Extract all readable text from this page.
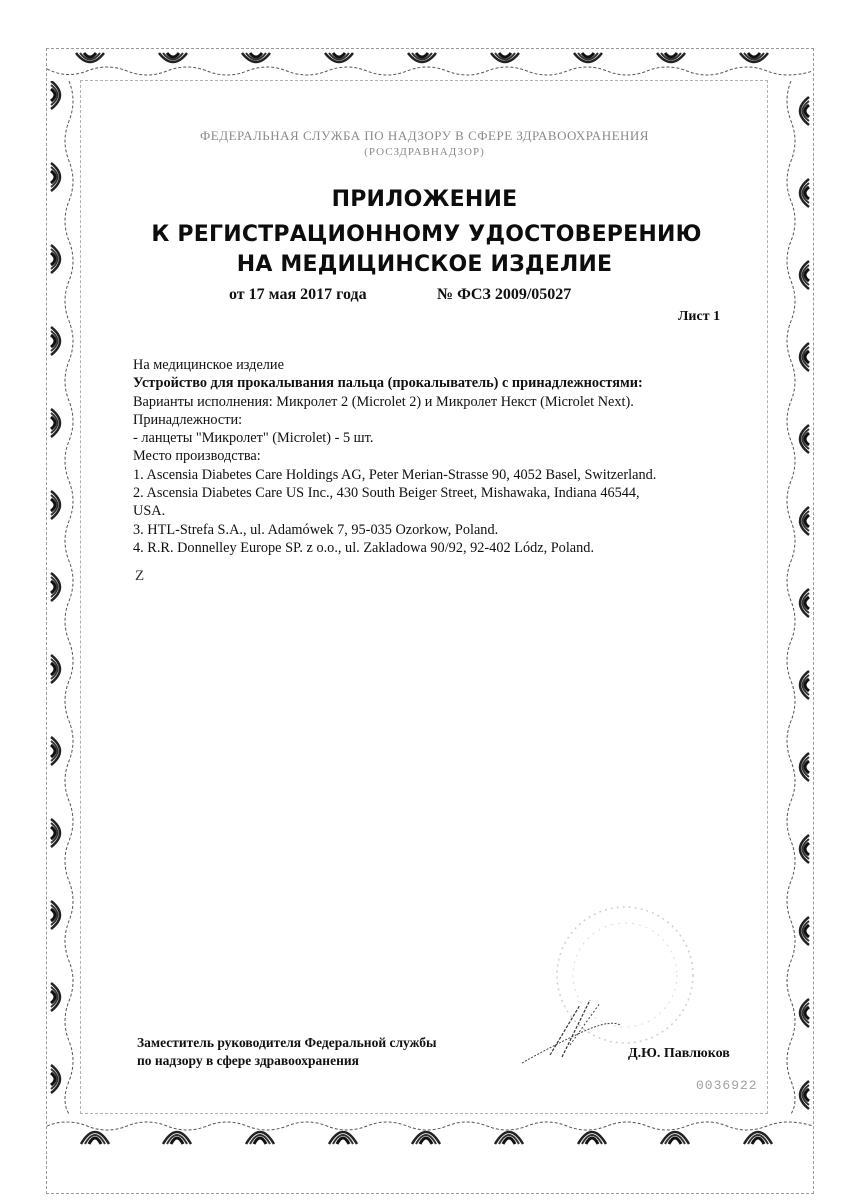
ФЕДЕРАЛЬНАЯ СЛУЖБА ПО НАДЗОРУ В СФЕРЕ ЗДРАВООХРАНЕНИЯ
(РОСЗДРАВНАДЗОР)
ПРИЛОЖЕНИЕ
К РЕГИСТРАЦИОННОМУ УДОСТОВЕРЕНИЮ
НА МЕДИЦИНСКОЕ ИЗДЕЛИЕ
от 17 мая 2017 года	№ ФСЗ 2009/05027
Лист 1
На медицинское изделие
Устройство для прокалывания пальца (прокалыватель) с принадлежностями:
Варианты исполнения: Микролет 2 (Microlet 2) и Микролет Некст (Microlet Next).
Принадлежности:
- ланцеты "Микролет" (Microlet) - 5 шт.
Место производства:
1. Ascensia Diabetes Care Holdings AG, Peter Merian-Strasse 90, 4052 Basel, Switzerland.
2. Ascensia Diabetes Care US Inc., 430 South Beiger Street, Mishawaka, Indiana 46544,
USA.
3. HTL-Strefa S.A., ul. Adamówek 7, 95-035 Ozorkow, Poland.
4. R.R. Donnelley Europe SP. z o.o., ul. Zakladowa 90/92, 92-402 Lódz, Poland.
Z
Заместитель руководителя Федеральной службы
по надзору в сфере здравоохранения	Д.Ю. Павлюков
0036922
